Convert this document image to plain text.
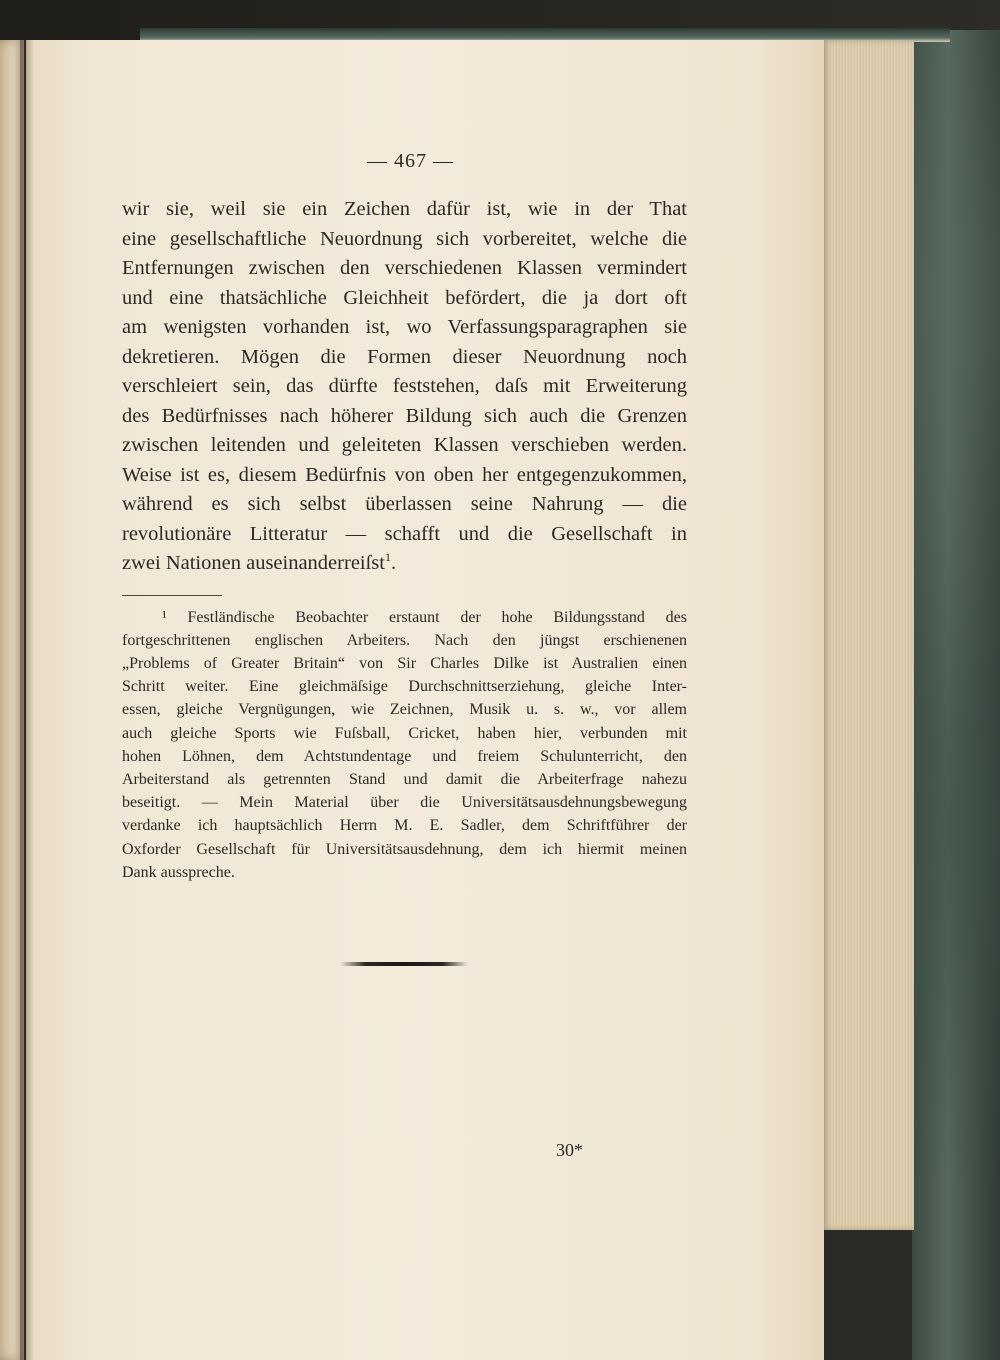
— 467 —

wir sie, weil sie ein Zeichen dafür ist, wie in der That

eine gesellschaftliche Neuordnung sich vorbereitet, welche die

Entfernungen zwischen den verschiedenen Klassen vermindert

und eine thatsächliche Gleichheit befördert, die ja dort oft

am wenigsten vorhanden ist, wo Verfassungsparagraphen sie

dekretieren. Mögen die Formen dieser Neuordnung noch

verschleiert sein, das dürfte feststehen, daſs mit Erweiterung

des Bedürfnisses nach höherer Bildung sich auch die Grenzen

zwischen leitenden und geleiteten Klassen verschieben werden.

Weise ist es, diesem Bedürfnis von oben her entgegenzukommen,

während es sich selbst überlassen seine Nahrung — die

revolutionäre Litteratur — schafft und die Gesellschaft in

zwei Nationen auseinanderreiſst$^1$.

¹ Festländische Beobachter erstaunt der hohe Bildungsstand des

fortgeschrittenen englischen Arbeiters. Nach den jüngst erschienenen

„Problems of Greater Britain“ von Sir Charles Dilke ist Australien einen

Schritt weiter. Eine gleichmäſsige Durchschnittserziehung, gleiche Inter-

essen, gleiche Vergnügungen, wie Zeichnen, Musik u. s. w., vor allem

auch gleiche Sports wie Fuſsball, Cricket, haben hier, verbunden mit

hohen Löhnen, dem Achtstundentage und freiem Schulunterricht, den

Arbeiterstand als getrennten Stand und damit die Arbeiterfrage nahezu

beseitigt. — Mein Material über die Universitätsausdehnungsbewegung

verdanke ich hauptsächlich Herrn M. E. Sadler, dem Schriftführer der

Oxforder Gesellschaft für Universitätsausdehnung, dem ich hiermit meinen

Dank ausspreche.

30*
